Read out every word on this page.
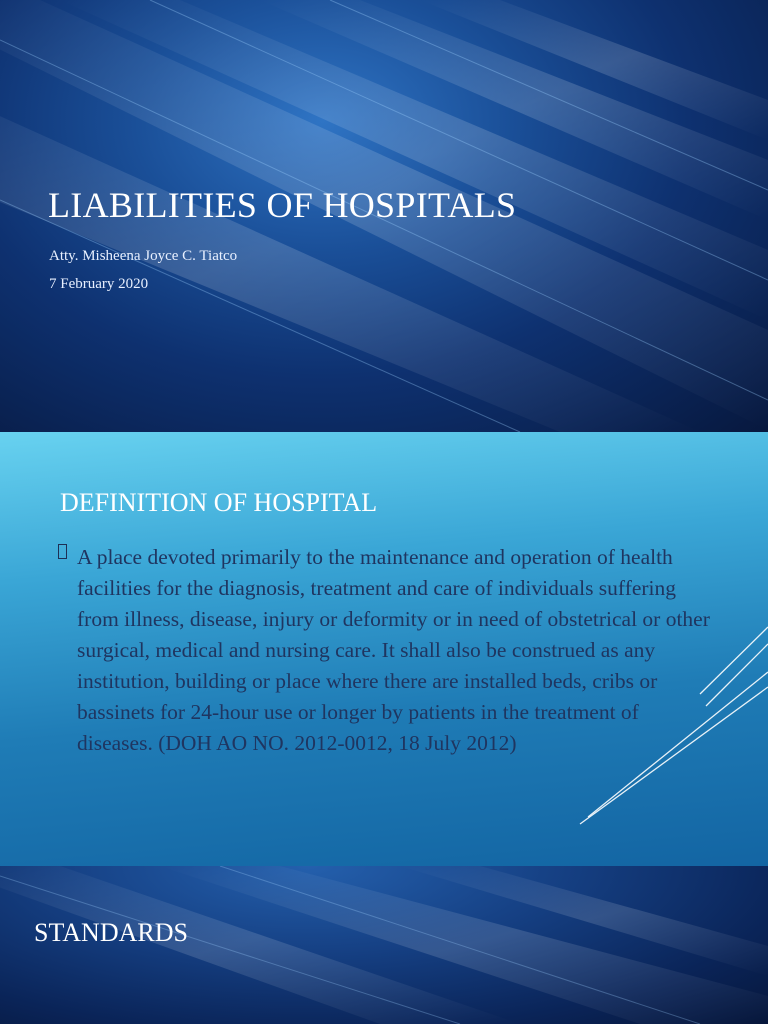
LIABILITIES OF HOSPITALS

Atty. Misheena Joyce C. Tiatco

7 February 2020

DEFINITION OF HOSPITAL
A place devoted primarily to the maintenance and operation of health facilities for the diagnosis, treatment and care of individuals suffering from illness, disease, injury or deformity or in need of obstetrical or other surgical, medical and nursing care. It shall also be construed as any institution, building or place where there are installed beds, cribs or bassinets for 24-hour use or longer by patients in the treatment of diseases. (DOH AO NO. 2012-0012, 18 July 2012)
STANDARDS
